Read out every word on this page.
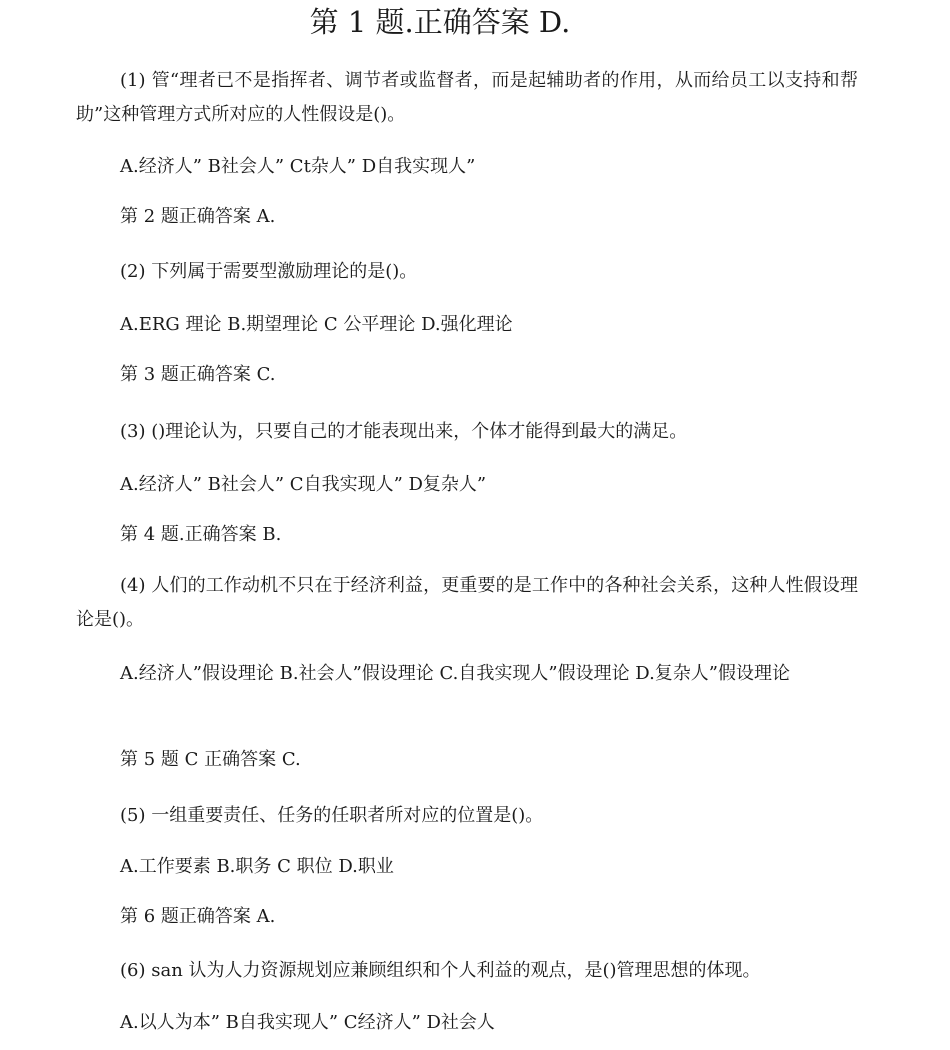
第 1 题.正确答案 D.
(1) 管“理者已不是指挥者、调节者或监督者，而是起辅助者的作用，从而给员工以支持和帮助”这种管理方式所对应的人性假设是()。
A.经济人” B社会人” Ct杂人” D自我实现人”
第 2 题正确答案 A.
(2) 下列属于需要型激励理论的是()。
A.ERG 理论 B.期望理论 C 公平理论 D.强化理论
第 3 题正确答案 C.
(3) ()理论认为，只要自己的才能表现出来，个体才能得到最大的满足。
A.经济人” B社会人” C自我实现人” D复杂人”
第 4 题.正确答案 B.
(4) 人们的工作动机不只在于经济利益，更重要的是工作中的各种社会关系，这种人性假设理论是()。
A.经济人”假设理论 B.社会人”假设理论 C.自我实现人”假设理论 D.复杂人”假设理论
第 5 题 C 正确答案 C.
(5) 一组重要责任、任务的任职者所对应的位置是()。
A.工作要素 B.职务 C 职位 D.职业
第 6 题正确答案 A.
(6) san 认为人力资源规划应兼顾组织和个人利益的观点，是()管理思想的体现。
A.以人为本” B自我实现人” C经济人” D社会人
